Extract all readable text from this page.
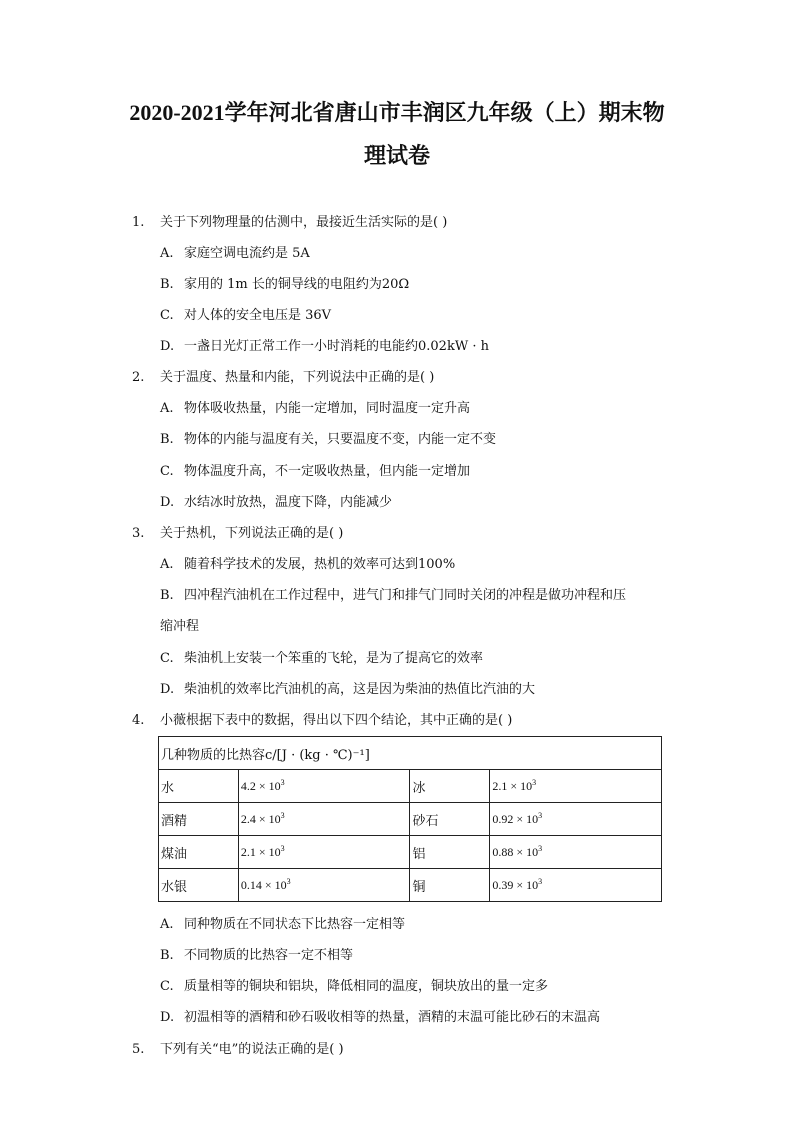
2020-2021学年河北省唐山市丰润区九年级（上）期末物
理试卷
1. 关于下列物理量的估测中，最接近生活实际的是( )
A. 家庭空调电流约是 5A
B. 家用的 1m 长的铜导线的电阻约为20Ω
C. 对人体的安全电压是 36V
D. 一盏日光灯正常工作一小时消耗的电能约0.02kW · h
2. 关于温度、热量和内能，下列说法中正确的是( )
A. 物体吸收热量，内能一定增加，同时温度一定升高
B. 物体的内能与温度有关，只要温度不变，内能一定不变
C. 物体温度升高，不一定吸收热量，但内能一定增加
D. 水结冰时放热，温度下降，内能减少
3. 关于热机，下列说法正确的是( )
A. 随着科学技术的发展，热机的效率可达到100%
B. 四冲程汽油机在工作过程中，进气门和排气门同时关闭的冲程是做功冲程和压
缩冲程
C. 柴油机上安装一个笨重的飞轮，是为了提高它的效率
D. 柴油机的效率比汽油机的高，这是因为柴油的热值比汽油的大
4. 小薇根据下表中的数据，得出以下四个结论，其中正确的是( )
几种物质的比热容c/[J · (kg · ℃)⁻¹]			
水	$4.2 \times 10^3$	冰	$2.1 \times 10^3$
酒精	$2.4 \times 10^3$	砂石	$0.92 \times 10^3$
煤油	$2.1 \times 10^3$	铝	$0.88 \times 10^3$
水银	$0.14 \times 10^3$	铜	$0.39 \times 10^3$
A. 同种物质在不同状态下比热容一定相等
B. 不同物质的比热容一定不相等
C. 质量相等的铜块和铝块，降低相同的温度，铜块放出的量一定多
D. 初温相等的酒精和砂石吸收相等的热量，酒精的末温可能比砂石的末温高
5. 下列有关“电”的说法正确的是( )
